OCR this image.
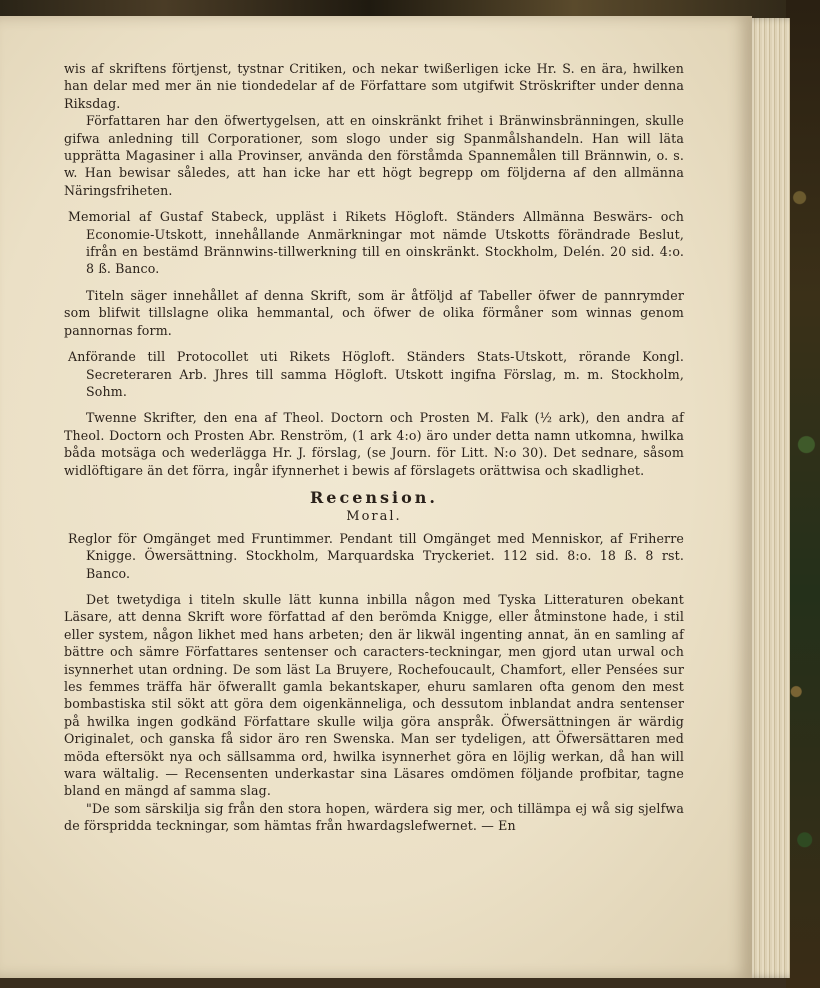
wis af skriftens förtjenst, tystnar Critiken, och nekar twißerligen icke Hr. S. en ära, hwilken han delar med mer än nie tiondedelar af de Författare som utgifwit Ströskrifter under denna Riksdag.

Författaren har den öfwertygelsen, att en oinskränkt frihet i Bränwinsbränningen, skulle gifwa anledning till Corporationer, som slogo under sig Spanmålshandeln. Han will läta upprätta Magasiner i alla Provinser, använda den förståmda Spannemålen till Brännwin, o. s. w. Han bewisar således, att han icke har ett högt begrepp om följderna af den allmänna Näringsfriheten.

Memorial af Gustaf Stabeck, uppläst i Rikets Högloft. Ständers Allmänna Beswärs- och Economie-Utskott, innehållande Anmärkningar mot nämde Utskotts förändrade Beslut, ifrån en bestämd Brännwins-tillwerkning till en oinskränkt. Stockholm, Delén. 20 sid. 4:o. 8 ß. Banco.

Titeln säger innehållet af denna Skrift, som är åtföljd af Tabeller öfwer de pannrymder som blifwit tillslagne olika hemmantal, och öfwer de olika förmåner som winnas genom pannornas form.

Anförande till Protocollet uti Rikets Högloft. Ständers Stats-Utskott, rörande Kongl. Secreteraren Arb. Jhres till samma Högloft. Utskott ingifna Förslag, m. m. Stockholm, Sohm.

Twenne Skrifter, den ena af Theol. Doctorn och Prosten M. Falk (½ ark), den andra af Theol. Doctorn och Prosten Abr. Renström, (1 ark 4:o) äro under detta namn utkomna, hwilka båda motsäga och wederlägga Hr. J. förslag, (se Journ. för Litt. N:o 30). Det sednare, såsom widlöftigare än det förra, ingår ifynnerhet i bewis af förslagets orättwisa och skadlighet.

Recension.
Moral.

Reglor för Omgänget med Fruntimmer. Pendant till Omgänget med Menniskor, af Friherre Knigge. Öwersättning. Stockholm, Marquardska Tryckeriet. 112 sid. 8:o. 18 ß. 8 rst. Banco.

Det twetydiga i titeln skulle lätt kunna inbilla någon med Tyska Litteraturen obekant Läsare, att denna Skrift wore författad af den berömda Knigge, eller åtminstone hade, i stil eller system, någon likhet med hans arbeten; den är likwäl ingenting annat, än en samling af bättre och sämre Författares sentenser och caracters-teckningar, men gjord utan urwal och isynnerhet utan ordning. De som läst La Bruyere, Rochefoucault, Chamfort, eller Pensées sur les femmes träffa här öfwerallt gamla bekantskaper, ehuru samlaren ofta genom den mest bombastiska stil sökt att göra dem oigenkänneliga, och dessutom inblandat andra sentenser på hwilka ingen godkänd Författare skulle wilja göra anspråk. Öfwersättningen är wärdig Originalet, och ganska få sidor äro ren Swenska. Man ser tydeligen, att Öfwersättaren med möda eftersökt nya och sällsamma ord, hwilka isynnerhet göra en löjlig werkan, då han will wara wältalig. — Recensenten underkastar sina Läsares omdömen följande profbitar, tagne bland en mängd af samma slag.

"De som särskilja sig från den stora hopen, wärdera sig mer, och tillämpa ej wå sig sjelfwa de förspridda teckningar, som hämtas från hwardagslefwernet. — En
